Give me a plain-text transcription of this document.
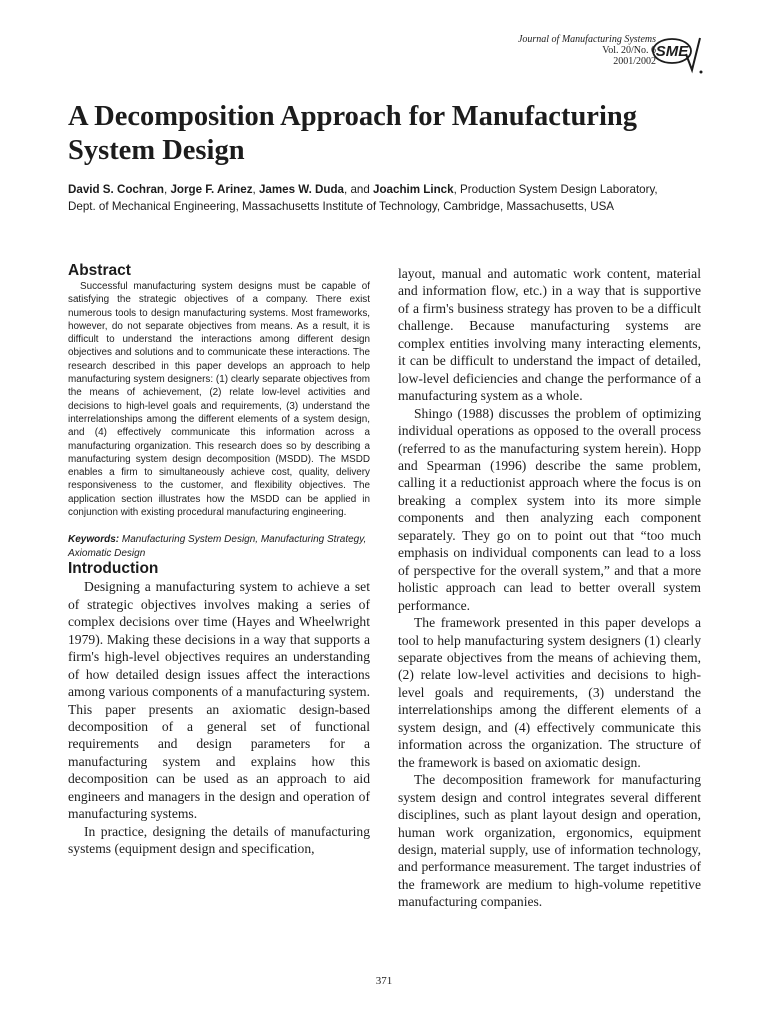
Journal of Manufacturing Systems
Vol. 20/No. 6
2001/2002
SME
A Decomposition Approach for Manufacturing System Design
David S. Cochran, Jorge F. Arinez, James W. Duda, and Joachim Linck, Production System Design Laboratory, Dept. of Mechanical Engineering, Massachusetts Institute of Technology, Cambridge, Massachusetts, USA
Abstract

Successful manufacturing system designs must be capable of satisfying the strategic objectives of a company. There exist numerous tools to design manufacturing systems. Most frameworks, however, do not separate objectives from means. As a result, it is difficult to understand the interactions among different design objectives and solutions and to communicate these interactions. The research described in this paper develops an approach to help manufacturing system designers: (1) clearly separate objectives from the means of achievement, (2) relate low-level activities and decisions to high-level goals and requirements, (3) understand the interrelationships among the different elements of a system design, and (4) effectively communicate this information across a manufacturing organization. This research does so by describing a manufacturing system design decomposition (MSDD). The MSDD enables a firm to simultaneously achieve cost, quality, delivery responsiveness to the customer, and flexibility objectives. The application section illustrates how the MSDD can be applied in conjunction with existing procedural manufacturing engineering.

Keywords: Manufacturing System Design, Manufacturing Strategy, Axiomatic Design

Introduction

Designing a manufacturing system to achieve a set of strategic objectives involves making a series of complex decisions over time (Hayes and Wheelwright 1979). Making these decisions in a way that supports a firm's high-level objectives requires an understanding of how detailed design issues affect the interactions among various components of a manufacturing system. This paper presents an axiomatic design-based decomposition of a general set of functional requirements and design parameters for a manufacturing system and explains how this decomposition can be used as an approach to aid engineers and managers in the design and operation of manufacturing systems.

In practice, designing the details of manufacturing systems (equipment design and specification,

layout, manual and automatic work content, material and information flow, etc.) in a way that is supportive of a firm's business strategy has proven to be a difficult challenge. Because manufacturing systems are complex entities involving many interacting elements, it can be difficult to understand the impact of detailed, low-level deficiencies and change the performance of a manufacturing system as a whole.

Shingo (1988) discusses the problem of optimizing individual operations as opposed to the overall process (referred to as the manufacturing system herein). Hopp and Spearman (1996) describe the same problem, calling it a reductionist approach where the focus is on breaking a complex system into its more simple components and then analyzing each component separately. They go on to point out that “too much emphasis on individual components can lead to a loss of perspective for the overall system,” and that a more holistic approach can lead to better overall system performance.

The framework presented in this paper develops a tool to help manufacturing system designers (1) clearly separate objectives from the means of achieving them, (2) relate low-level activities and decisions to high-level goals and requirements, (3) understand the interrelationships among the different elements of a system design, and (4) effectively communicate this information across the organization. The structure of the framework is based on axiomatic design.

The decomposition framework for manufacturing system design and control integrates several different disciplines, such as plant layout design and operation, human work organization, ergonomics, equipment design, material supply, use of information technology, and performance measurement. The target industries of the framework are medium to high-volume repetitive manufacturing companies.

371
